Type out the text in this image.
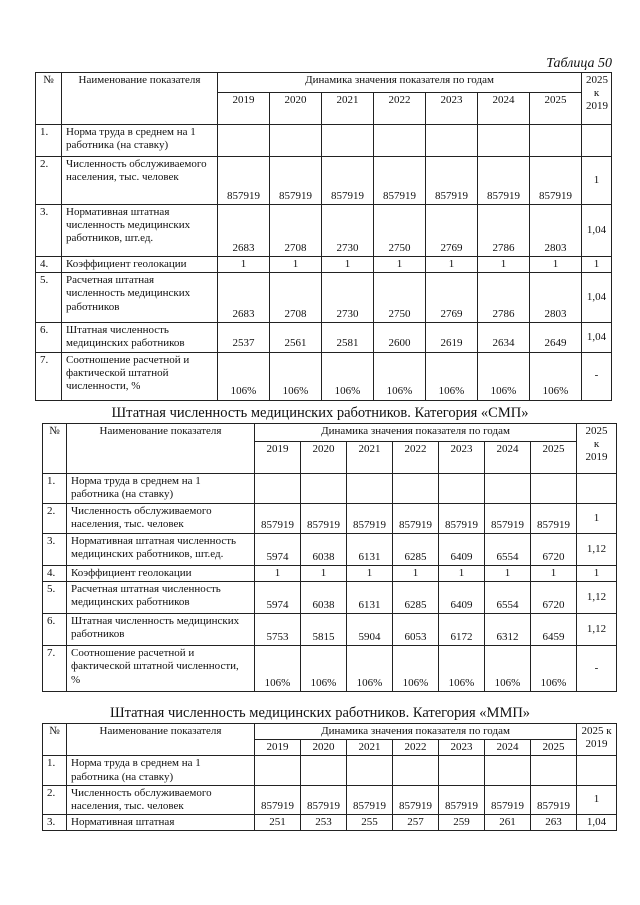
Таблица 50
№	Наименование показателя	Динамика значения показателя по годам							2025
к
2019
		2019	2020	2021	2022	2023	2024	2025	
1.	Норма труда в среднем на 1 работника (на ставку)								
2.	Численность обслуживаемого населения, тыс. человек	857919	857919	857919	857919	857919	857919	857919	1
3.	Нормативная штатная численность медицинских работников, шт.ед.	2683	2708	2730	2750	2769	2786	2803	1,04
4.	Коэффициент геолокации	1	1	1	1	1	1	1	1
5.	Расчетная штатная численность медицинских работников	2683	2708	2730	2750	2769	2786	2803	1,04
6.	Штатная численность медицинских работников	2537	2561	2581	2600	2619	2634	2649	1,04
7.	Соотношение расчетной и фактической штатной численности, %	106%	106%	106%	106%	106%	106%	106%	-
Штатная численность медицинских работников. Категория «СМП»
№	Наименование показателя	Динамика значения показателя по годам							2025
к
2019
		2019	2020	2021	2022	2023	2024	2025	
1.	Норма труда в среднем на 1 работника (на ставку)								
2.	Численность обслуживаемого населения, тыс. человек	857919	857919	857919	857919	857919	857919	857919	1
3.	Нормативная штатная численность медицинских работников, шт.ед.	5974	6038	6131	6285	6409	6554	6720	1,12
4.	Коэффициент геолокации	1	1	1	1	1	1	1	1
5.	Расчетная штатная численность медицинских работников	5974	6038	6131	6285	6409	6554	6720	1,12
6.	Штатная численность медицинских работников	5753	5815	5904	6053	6172	6312	6459	1,12
7.	Соотношение расчетной и фактической штатной численности, %	106%	106%	106%	106%	106%	106%	106%	-
Штатная численность медицинских работников. Категория «ММП»
№	Наименование показателя	Динамика значения показателя по годам							2025 к
2019
		2019	2020	2021	2022	2023	2024	2025	
1.	Норма труда в среднем на 1 работника (на ставку)								
2.	Численность обслуживаемого населения, тыс. человек	857919	857919	857919	857919	857919	857919	857919	1
3.	Нормативная штатная	251	253	255	257	259	261	263	1,04
